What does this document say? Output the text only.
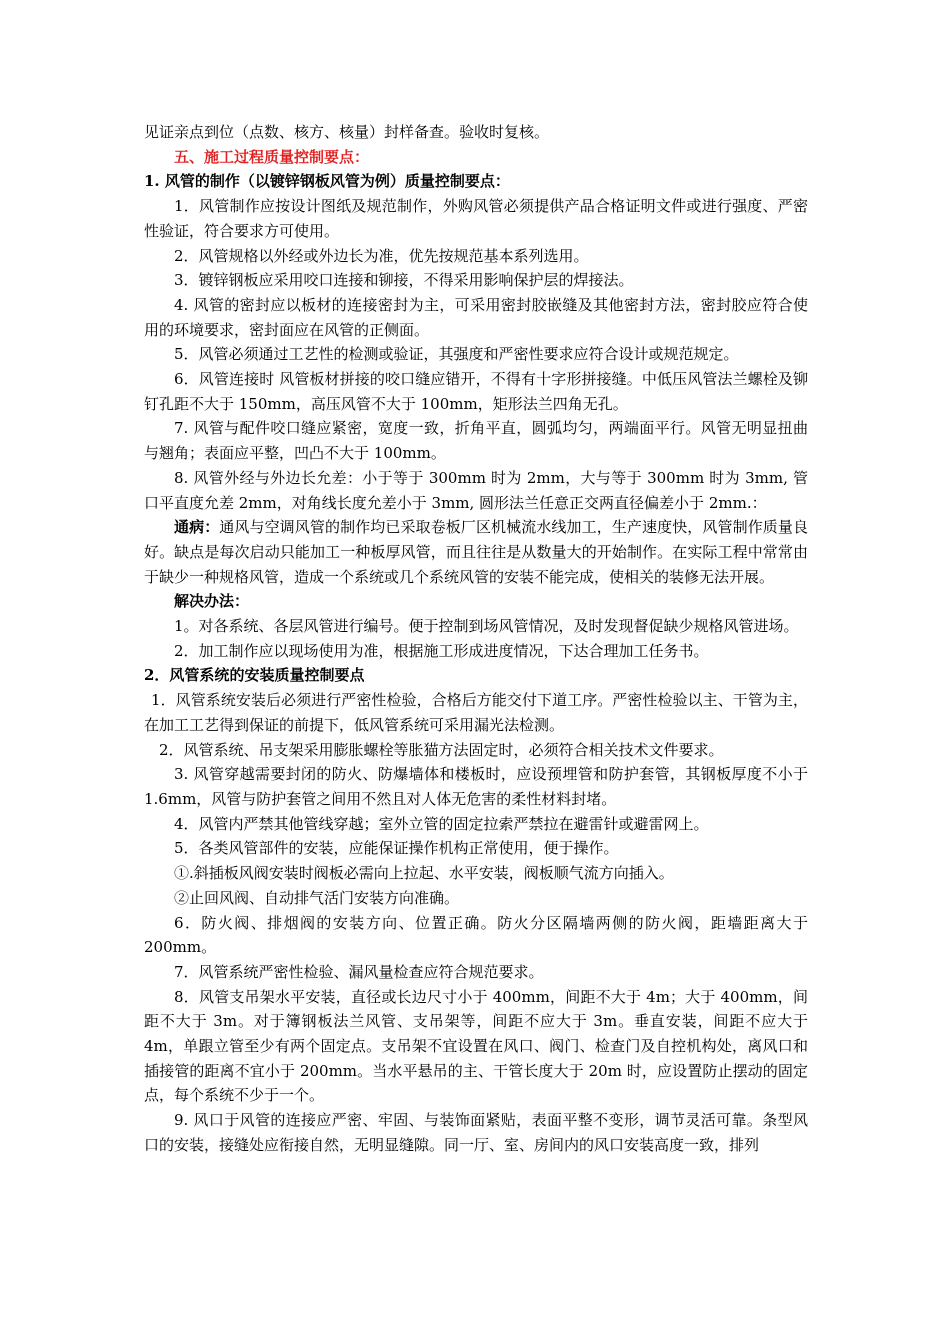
见证亲点到位（点数、核方、核量）封样备查。验收时复核。

五、施工过程质量控制要点：

1. 风管的制作（以镀锌钢板风管为例）质量控制要点：

1．风管制作应按设计图纸及规范制作，外购风管必须提供产品合格证明文件或进行强度、严密性验证，符合要求方可使用。

2．风管规格以外经或外边长为准，优先按规范基本系列选用。

3．镀锌钢板应采用咬口连接和铆接，不得采用影响保护层的焊接法。

4. 风管的密封应以板材的连接密封为主，可采用密封胶嵌缝及其他密封方法，密封胶应符合使用的环境要求，密封面应在风管的正侧面。

5．风管必须通过工艺性的检测或验证，其强度和严密性要求应符合设计或规范规定。

6．风管连接时 风管板材拼接的咬口缝应错开，不得有十字形拼接缝。中低压风管法兰螺栓及铆钉孔距不大于 150mm，高压风管不大于 100mm，矩形法兰四角无孔。

7. 风管与配件咬口缝应紧密，宽度一致，折角平直，圆弧均匀，两端面平行。风管无明显扭曲与翘角；表面应平整，凹凸不大于 100mm。

8. 风管外经与外边长允差：小于等于 300mm 时为 2mm，大与等于 300mm 时为 3mm, 管口平直度允差 2mm，对角线长度允差小于 3mm, 圆形法兰任意正交两直径偏差小于 2mm.：

通病：通风与空调风管的制作均已采取卷板厂区机械流水线加工，生产速度快，风管制作质量良好。缺点是每次启动只能加工一种板厚风管，而且往往是从数量大的开始制作。在实际工程中常常由于缺少一种规格风管，造成一个系统或几个系统风管的安装不能完成，使相关的装修无法开展。

解决办法：

1。对各系统、各层风管进行编号。便于控制到场风管情况，及时发现督促缺少规格风管进场。

2．加工制作应以现场使用为准，根据施工形成进度情况，下达合理加工任务书。

2．风管系统的安装质量控制要点

1．风管系统安装后必须进行严密性检验，合格后方能交付下道工序。严密性检验以主、干管为主，在加工工艺得到保证的前提下，低风管系统可采用漏光法检测。

2．风管系统、吊支架采用膨胀螺栓等胀猫方法固定时，必须符合相关技术文件要求。

3. 风管穿越需要封闭的防火、防爆墙体和楼板时，应设预埋管和防护套管，其钢板厚度不小于 1.6mm，风管与防护套管之间用不然且对人体无危害的柔性材料封堵。

4．风管内严禁其他管线穿越；室外立管的固定拉索严禁拉在避雷针或避雷网上。

5．各类风管部件的安装，应能保证操作机构正常使用，便于操作。

①.斜插板风阀安装时阀板必需向上拉起、水平安装，阀板顺气流方向插入。

②止回风阀、自动排气活门安装方向准确。

6．防火阀、排烟阀的安装方向、位置正确。防火分区隔墙两侧的防火阀，距墙距离大于 200mm。

7．风管系统严密性检验、漏风量检查应符合规范要求。

8．风管支吊架水平安装，直径或长边尺寸小于 400mm，间距不大于 4m；大于 400mm，间距不大于 3m。对于簿钢板法兰风管、支吊架等，间距不应大于 3m。垂直安装，间距不应大于 4m，单跟立管至少有两个固定点。支吊架不宜设置在风口、阀门、检查门及自控机构处，离风口和插接管的距离不宜小于 200mm。当水平悬吊的主、干管长度大于 20m 时，应设置防止摆动的固定点，每个系统不少于一个。

9. 风口于风管的连接应严密、牢固、与装饰面紧贴，表面平整不变形，调节灵活可靠。条型风口的安装，接缝处应衔接自然，无明显缝隙。同一厅、室、房间内的风口安装高度一致，排列
